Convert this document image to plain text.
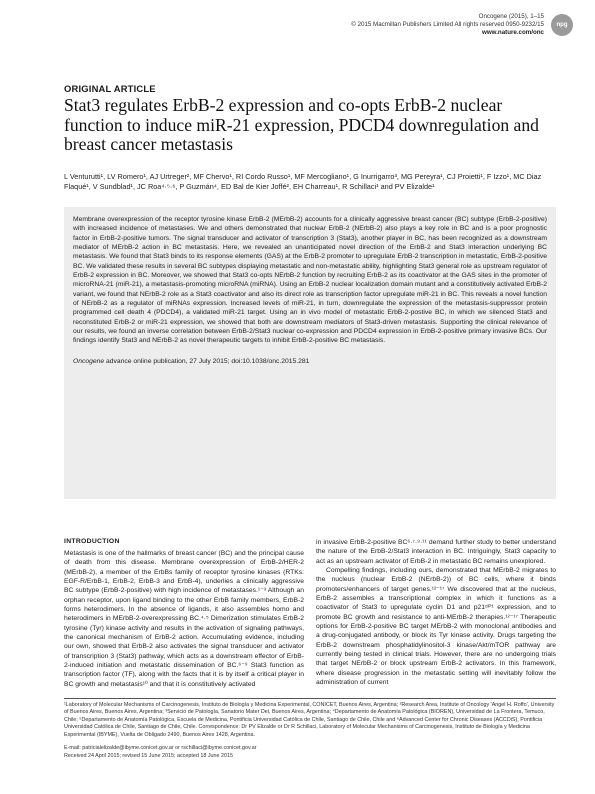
Oncogene (2015), 1–15
© 2015 Macmillan Publishers Limited All rights reserved 0950-9232/15
www.nature.com/onc
npg
ORIGINAL ARTICLE
Stat3 regulates ErbB-2 expression and co-opts ErbB-2 nuclear function to induce miR-21 expression, PDCD4 downregulation and breast cancer metastasis
L Venturutti¹, LV Romero¹, AJ Urtreger², MF Chervo¹, RI Cordo Russo¹, MF Mercogliano¹, G Inurrigarro³, MG Pereyra¹, CJ Proietti¹, F Izzo¹, MC Diaz Flaqué¹, V Sundblad¹, JC Roa⁴·⁵·⁶, P Guzmán⁴, ED Bal de Kier Joffé², EH Charreau¹, R Schillaci¹ and PV Elizalde¹
Membrane overexpression of the receptor tyrosine kinase ErbB-2 (MErbB-2) accounts for a clinically aggressive breast cancer (BC) subtype (ErbB-2-positive) with increased incidence of metastases. We and others demonstrated that nuclear ErbB-2 (NErbB-2) also plays a key role in BC and is a poor prognostic factor in ErbB-2-positive tumors. The signal transducer and activator of transcription 3 (Stat3), another player in BC, has been recognized as a downstream mediator of MErbB-2 action in BC metastasis. Here, we revealed an unanticipated novel direction of the ErbB-2 and Stat3 interaction underlying BC metastasis. We found that Stat3 binds to its response elements (GAS) at the ErbB-2 promoter to upregulate ErbB-2 transcription in metastatic, ErbB-2-positive BC. We validated these results in several BC subtypes displaying metastatic and non-metastatic ability, highlighting Stat3 general role as upstream regulator of ErbB-2 expression in BC. Moreover, we showed that Stat3 co-opts NErbB-2 function by recruiting ErbB-2 as its coactivator at the GAS sites in the promoter of microRNA-21 (miR-21), a metastasis-promoting microRNA (miRNA). Using an ErbB-2 nuclear localization domain mutant and a constitutively activated ErbB-2 variant, we found that NErbB-2 role as a Stat3 coactivator and also its direct role as transcription factor upregulate miR-21 in BC. This reveals a novel function of NErbB-2 as a regulator of miRNAs expression. Increased levels of miR-21, in turn, downregulate the expression of the metastasis-suppressor protein programmed cell death 4 (PDCD4), a validated miR-21 target. Using an in vivo model of metastatic ErbB-2-postive BC, in which we silenced Stat3 and reconstituted ErbB-2 or miR-21 expression, we showed that both are downstream mediators of Stat3-driven metastasis. Supporting the clinical relevance of our results, we found an inverse correlation between ErbB-2/Stat3 nuclear co-expression and PDCD4 expression in ErbB-2-positive primary invasive BCs. Our findings identify Stat3 and NErbB-2 as novel therapeutic targets to inhibit ErbB-2-positive BC metastasis.
Oncogene advance online publication, 27 July 2015; doi:10.1038/onc.2015.281
INTRODUCTION

Metastasis is one of the hallmarks of breast cancer (BC) and the principal cause of death from this disease. Membrane overexpression of ErbB-2/HER-2 (MErbB-2), a member of the ErbBs family of receptor tyrosine kinases (RTKs: EGF-R/ErbB-1, ErbB-2, ErbB-3 and ErbB-4), underlies a clinically aggressive BC subtype (ErbB-2-positive) with high incidence of metastases.¹⁻³ Although an orphan receptor, upon ligand binding to the other ErbB family members, ErbB-2 forms heterodimers. In the absence of ligands, it also assembles homo and heterodimers in MErbB-2-overexpressing BC.⁴·⁵ Dimerization stimulates ErbB-2 tyrosine (Tyr) kinase activity and results in the activation of signaling pathways, the canonical mechanism of ErbB-2 action. Accumulating evidence, including our own, showed that ErbB-2 also activates the signal transducer and activator of transcription 3 (Stat3) pathway, which acts as a downstream effector of ErbB-2-induced initiation and metastatic dissemination of BC.⁶⁻⁹ Stat3 function as transcription factor (TF), along with the facts that it is by itself a critical player in BC growth and metastasis¹⁰ and that it is constitutively activated

in invasive ErbB-2-positive BC⁶·⁷·⁹·¹¹ demand further study to better understand the nature of the ErbB-2/Stat3 interaction in BC. Intriguingly, Stat3 capacity to act as an upstream activator of ErbB-2 in metastatic BC remains unexplored.

Compelling findings, including ours, demonstrated that MErbB-2 migrates to the nucleus (nuclear ErbB-2 (NErbB-2)) of BC cells, where it binds promoters/enhancers of target genes.¹²⁻¹⁷ We discovered that at the nucleus, ErbB-2 assembles a transcriptional complex in which it functions as a coactivator of Stat3 to upregulate cyclin D1 and p21ᶜᴵᴾ¹ expression, and to promote BC growth and resistance to anti-MErbB-2 therapies.¹²⁻¹⁷ Therapeutic options for ErbB-2-positive BC target MErbB-2 with monoclonal antibodies and a drug-conjugated antibody, or block its Tyr kinase activity. Drugs targeting the ErbB-2 downstream phosphatidylinositol-3 kinase/Akt/mTOR pathway are currently being tested in clinical trials. However, there are no undergoing trials that target NErbB-2 or block upstream ErbB-2 activators. In this framework, where disease progression in the metastatic setting will inevitably follow the administration of current

¹Laboratory of Molecular Mechanisms of Carcinogenesis, Instituto de Biología y Medicina Experimental, CONICET, Buenos Aires, Argentina; ²Research Area, Institute of Oncology 'Angel H. Roffo', University of Buenos Aires, Buenos Aires, Argentina; ³Servicio de Patología, Sanatorio Mater Dei, Buenos Aires, Argentina; ⁴Departamento de Anatomía Patológica (BIOREN), Universidad de La Frontera, Temuco, Chile; ⁵Departamento de Anatomía Patológica, Escuela de Medicina, Pontificia Universidad Católica de Chile, Santiago de Chile, Chile and ⁶Advanced Center for Chronic Diseases (ACCDiS), Pontificia Universidad Católica de Chile, Santiago de Chile, Chile. Correspondence: Dr PV Elizalde or Dr R Schillaci, Laboratory of Molecular Mechanisms of Carcinogenesis, Instituto de Biología y Medicina Experimental (IBYME), Vuelta de Obligado 2490, Buenos Aires 1428, Argentina.
E-mail: patricialelizalde@ibyme.conicet.gov.ar or rschillaci@ibyme.conicet.gov.ar
Received 24 April 2015; revised 15 June 2015; accepted 18 June 2015
